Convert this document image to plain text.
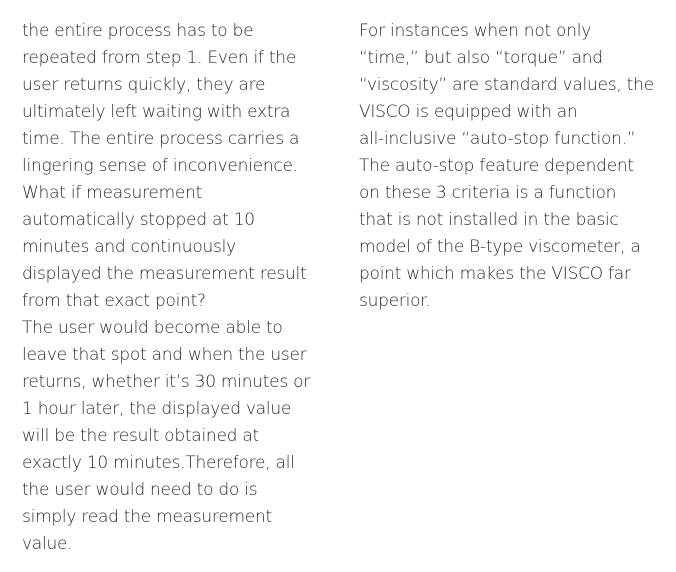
the entire process has to be
repeated from step 1. Even if the
user returns quickly, they are
ultimately left waiting with extra
time. The entire process carries a
lingering sense of inconvenience.
What if measurement
automatically stopped at 10
minutes and continuously
displayed the measurement result
from that exact point?
The user would become able to
leave that spot and when the user
returns, whether it’s 30 minutes or
1 hour later, the displayed value
will be the result obtained at
exactly 10 minutes.Therefore, all
the user would need to do is
simply read the measurement
value.
For instances when not only
“time,” but also “torque” and
“viscosity” are standard values, the
VISCO is equipped with an
all-inclusive “auto-stop function.”
The auto-stop feature dependent
on these 3 criteria is a function
that is not installed in the basic
model of the B-type viscometer, a
point which makes the VISCO far
superior.
